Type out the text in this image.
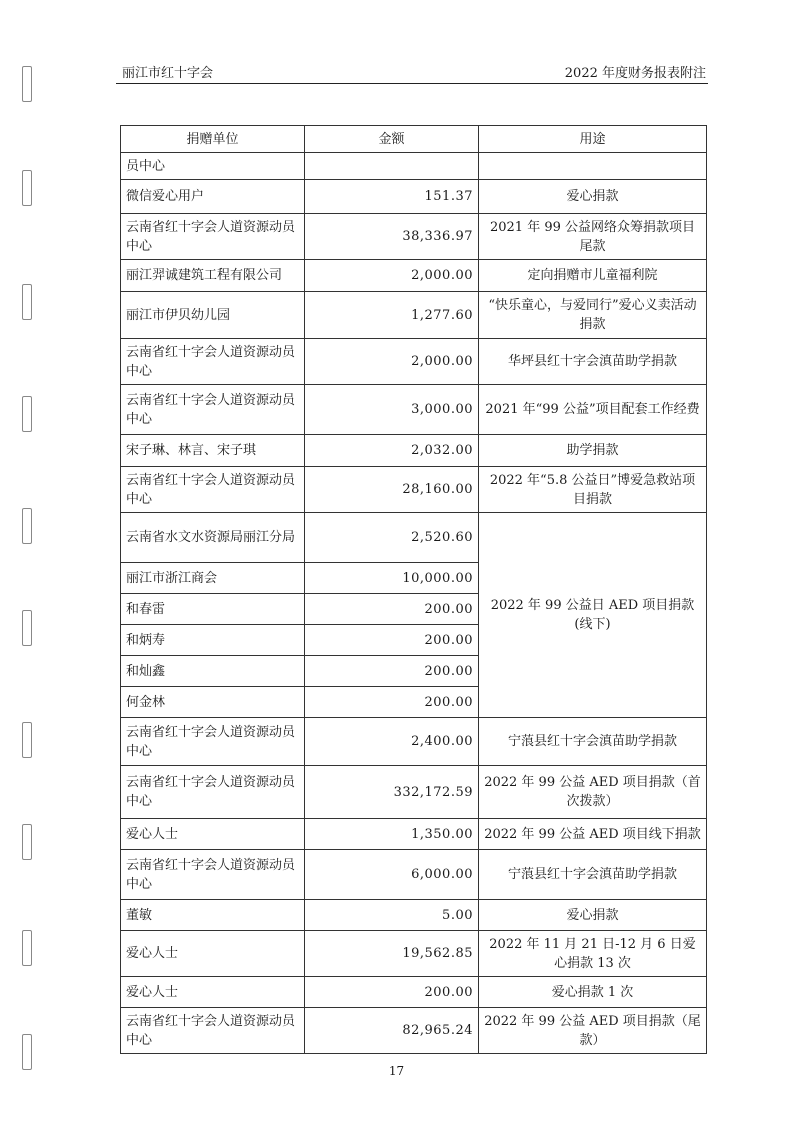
丽江市红十字会	2022 年度财务报表附注
捐赠单位	金额	用途
员中心		
微信爱心用户	151.37	爱心捐款
云南省红十字会人道资源动员中心	38,336.97	2021 年 99 公益网络众筹捐款项目尾款
丽江羿诚建筑工程有限公司	2,000.00	定向捐赠市儿童福利院
丽江市伊贝幼儿园	1,277.60	“快乐童心，与爱同行”爱心义卖活动捐款
云南省红十字会人道资源动员中心	2,000.00	华坪县红十字会滇苗助学捐款
云南省红十字会人道资源动员中心	3,000.00	2021 年“99 公益”项目配套工作经费
宋子琳、林言、宋子琪	2,032.00	助学捐款
云南省红十字会人道资源动员中心	28,160.00	2022 年“5.8 公益日”博爱急救站项目捐款
云南省水文水资源局丽江分局	2,520.60	2022 年 99 公益日 AED 项目捐款(线下)
丽江市浙江商会	10,000.00	
和春雷	200.00	
和炳寿	200.00	
和灿鑫	200.00	
何金林	200.00	
云南省红十字会人道资源动员中心	2,400.00	宁蒗县红十字会滇苗助学捐款
云南省红十字会人道资源动员中心	332,172.59	2022 年 99 公益 AED 项目捐款（首次拨款）
爱心人士	1,350.00	2022 年 99 公益 AED 项目线下捐款
云南省红十字会人道资源动员中心	6,000.00	宁蒗县红十字会滇苗助学捐款
董敏	5.00	爱心捐款
爱心人士	19,562.85	2022 年 11 月 21 日-12 月 6 日爱心捐款 13 次
爱心人士	200.00	爱心捐款 1 次
云南省红十字会人道资源动员中心	82,965.24	2022 年 99 公益 AED 项目捐款（尾款）
17
